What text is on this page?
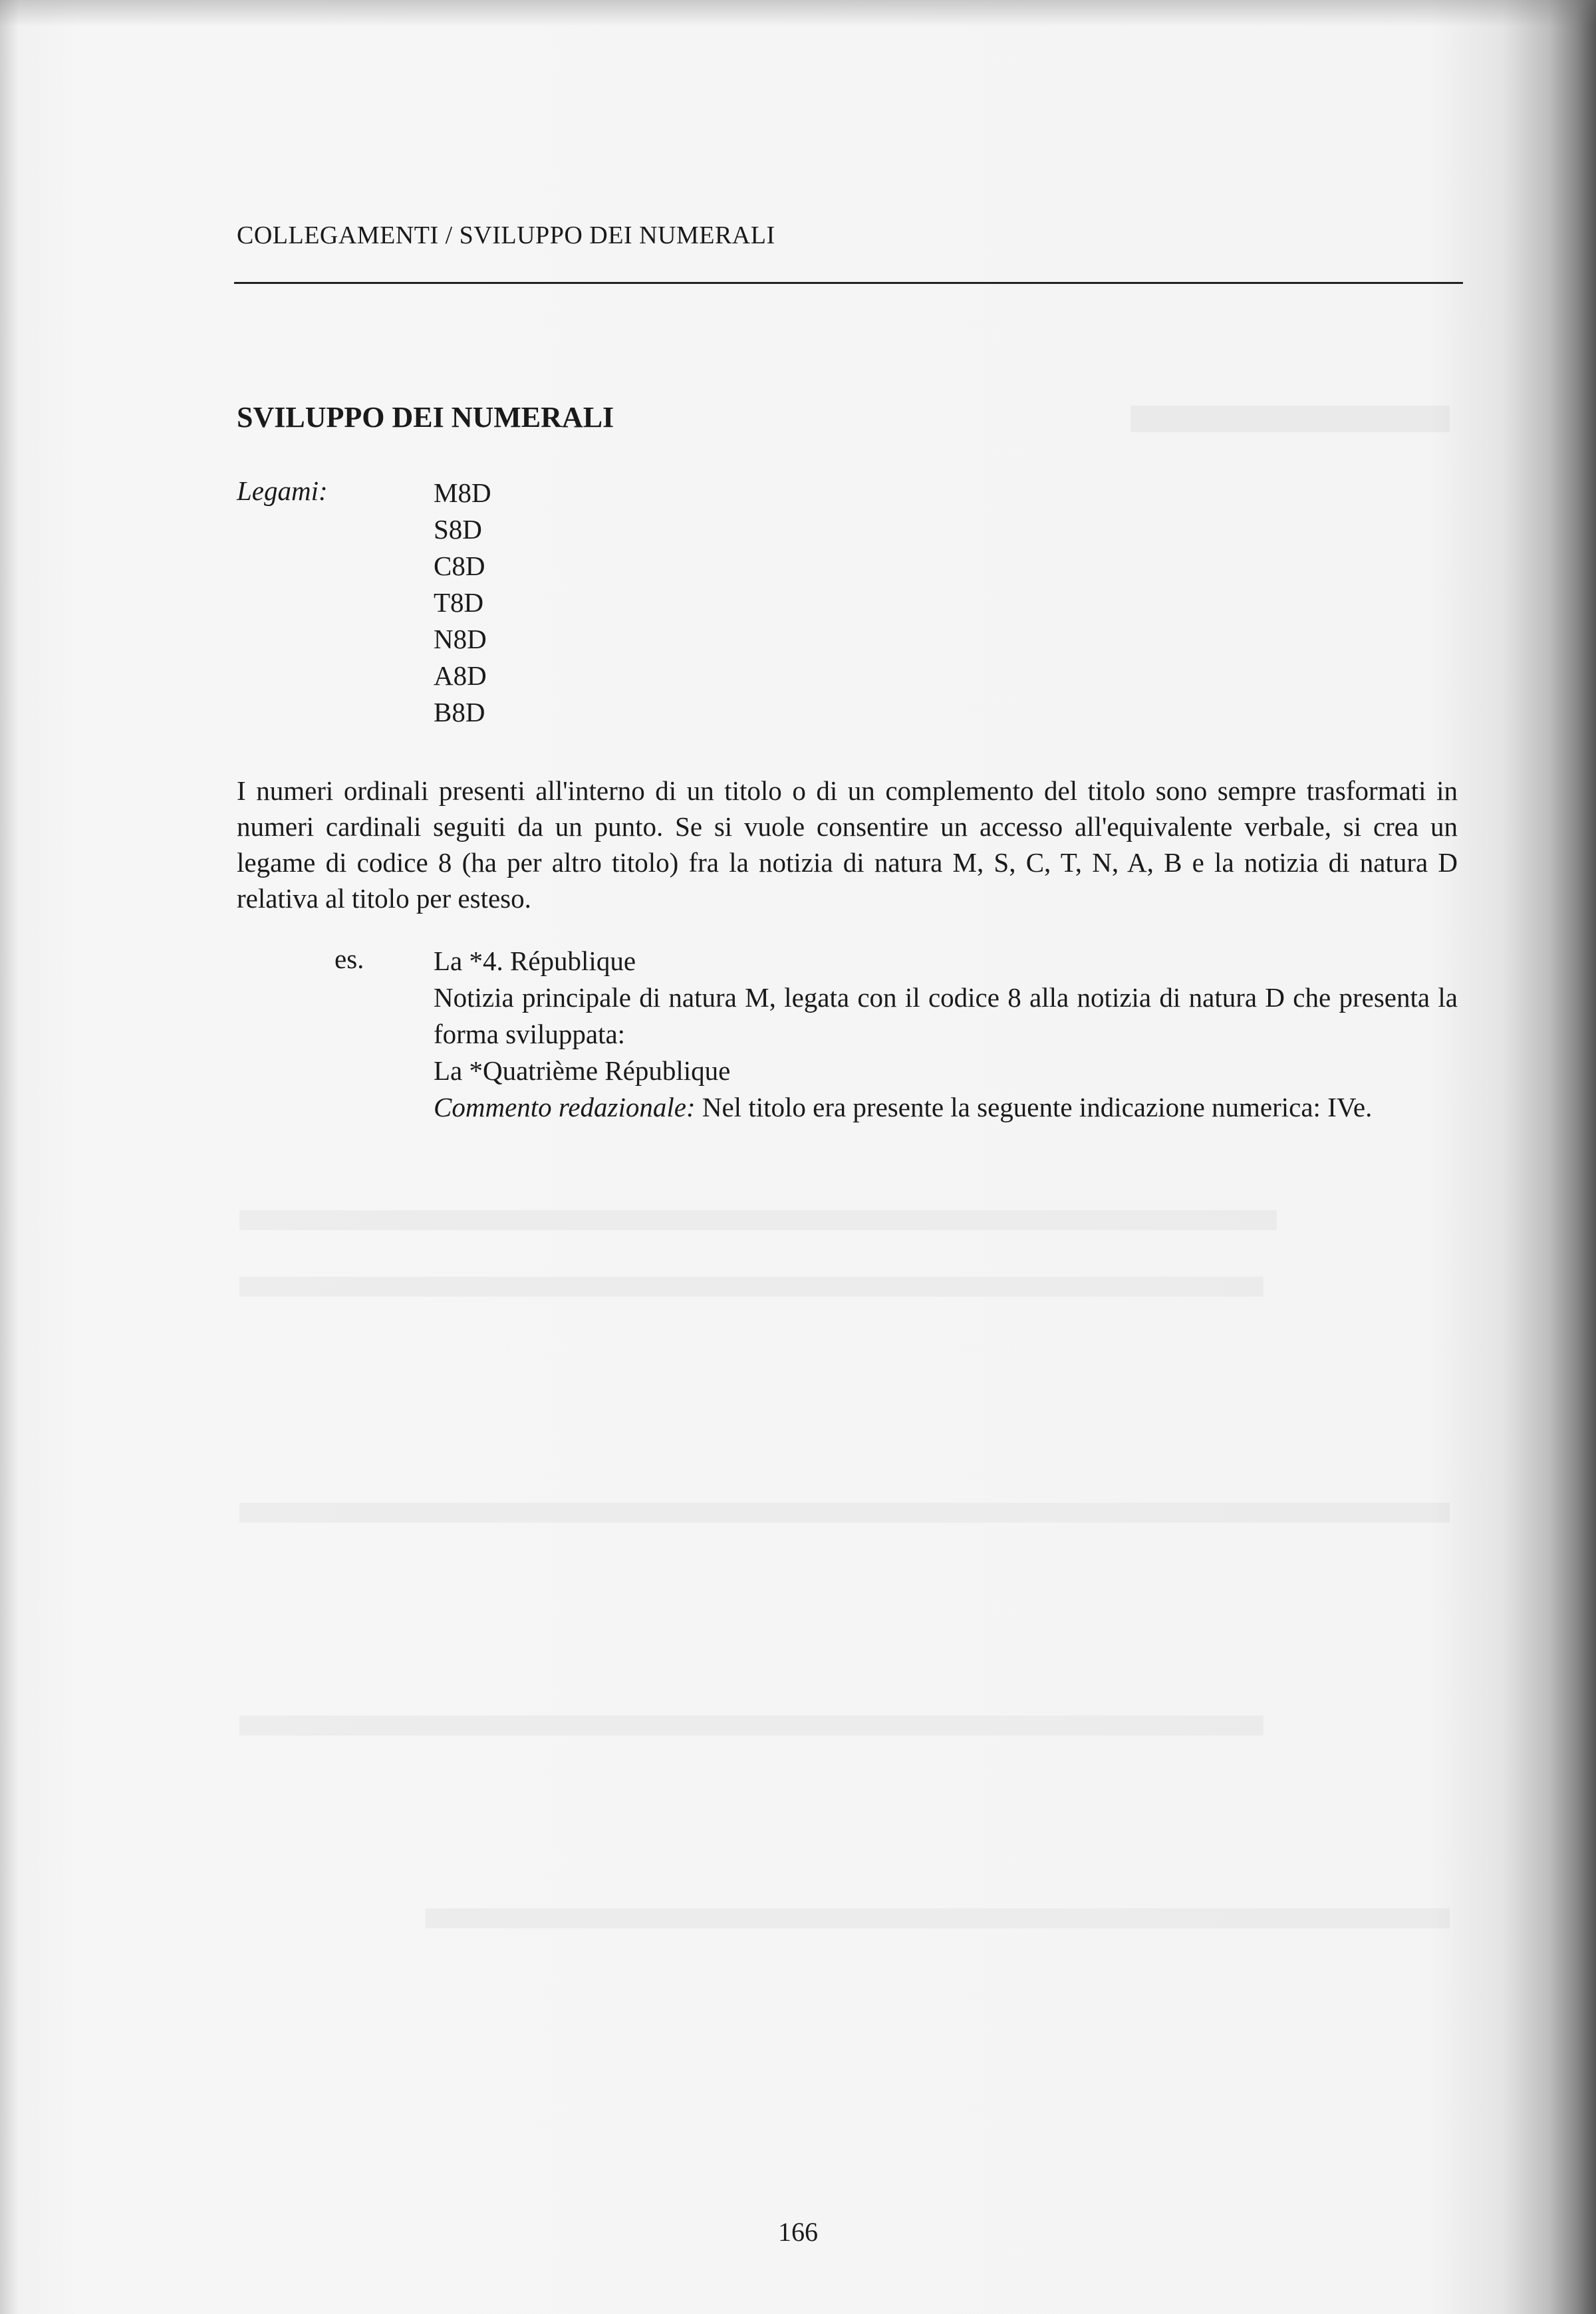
COLLEGAMENTI / SVILUPPO DEI NUMERALI
SVILUPPO DEI NUMERALI
Legami:	M8D
S8D
C8D
T8D
N8D
A8D
B8D

I numeri ordinali presenti all'interno di un titolo o di un complemento del titolo sono sempre trasformati in numeri cardinali seguiti da un punto. Se si vuole consentire un accesso all'equivalente verbale, si crea un legame di codice 8 (ha per altro titolo) fra la notizia di natura M, S, C, T, N, A, B e la notizia di natura D relativa al titolo per esteso.

es.	La *4. République

Notizia principale di natura M, legata con il codice 8 alla notizia di natura D che presenta la forma sviluppata:

La *Quatrième République

Commento redazionale: Nel titolo era presente la seguente indicazione numerica: IVe.

166
